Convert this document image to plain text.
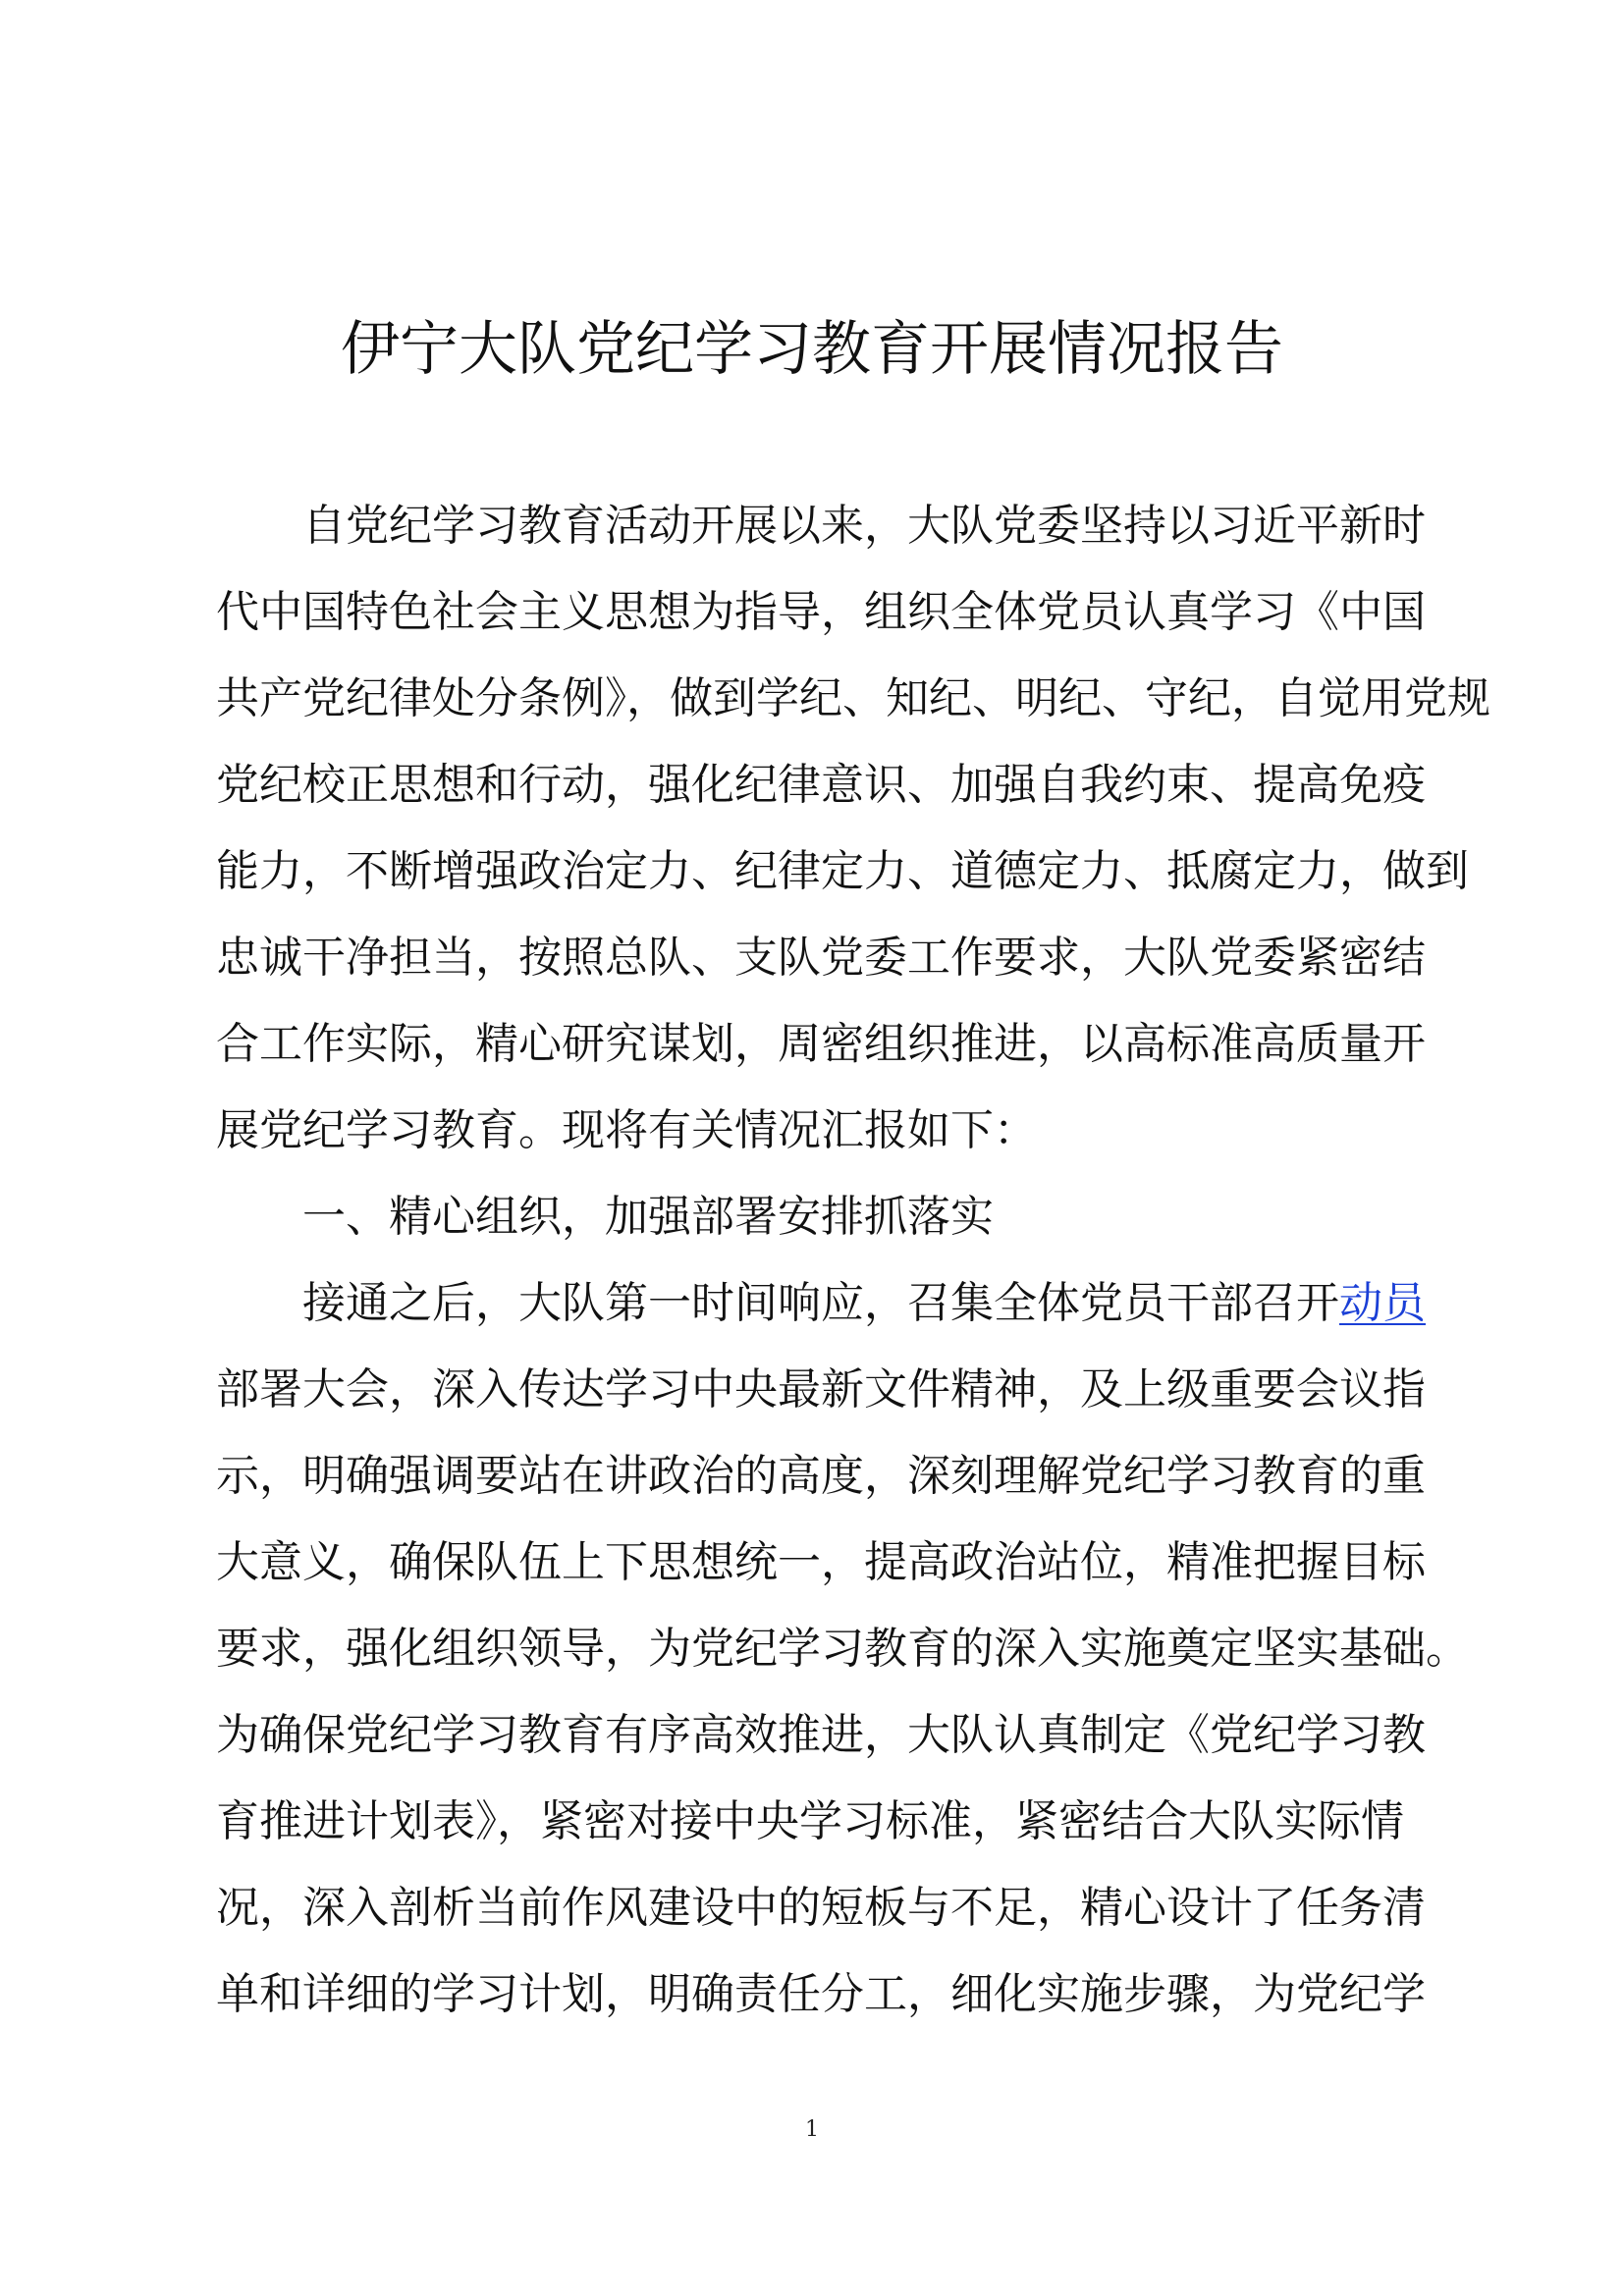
伊宁大队党纪学习教育开展情况报告
自党纪学习教育活动开展以来，大队党委坚持以习近平新时
代中国特色社会主义思想为指导，组织全体党员认真学习《中国
共产党纪律处分条例》，做到学纪、知纪、明纪、守纪，自觉用党规
党纪校正思想和行动，强化纪律意识、加强自我约束、提高免疫
能力，不断增强政治定力、纪律定力、道德定力、抵腐定力，做到
忠诚干净担当，按照总队、支队党委工作要求，大队党委紧密结
合工作实际，精心研究谋划，周密组织推进，以高标准高质量开
展党纪学习教育。现将有关情况汇报如下：
一、精心组织，加强部署安排抓落实
接通之后，大队第一时间响应，召集全体党员干部召开动员
部署大会，深入传达学习中央最新文件精神，及上级重要会议指
示，明确强调要站在讲政治的高度，深刻理解党纪学习教育的重
大意义，确保队伍上下思想统一，提高政治站位，精准把握目标
要求，强化组织领导，为党纪学习教育的深入实施奠定坚实基础。
为确保党纪学习教育有序高效推进，大队认真制定《党纪学习教
育推进计划表》，紧密对接中央学习标准，紧密结合大队实际情
况，深入剖析当前作风建设中的短板与不足，精心设计了任务清
单和详细的学习计划，明确责任分工，细化实施步骤，为党纪学
1
